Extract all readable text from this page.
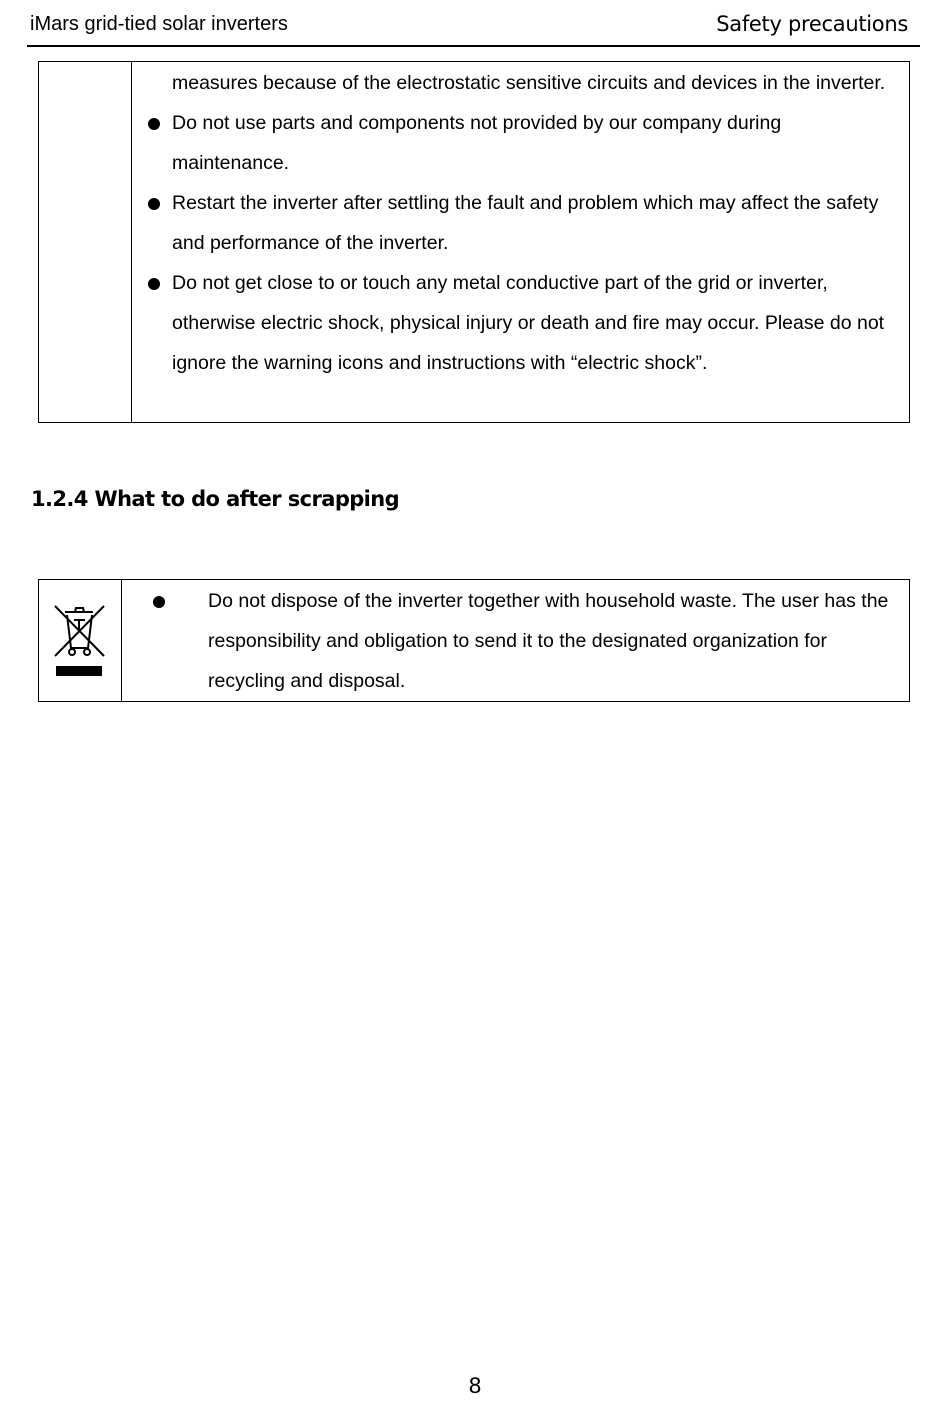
iMars grid-tied solar inverters	Safety precautions

measures because of the electrostatic sensitive circuits and devices in the inverter.

Do not use parts and components not provided by our company during maintenance.
Restart the inverter after settling the fault and problem which may affect the safety and performance of the inverter.
Do not get close to or touch any metal conductive part of the grid or inverter, otherwise electric shock, physical injury or death and fire may occur. Please do not ignore the warning icons and instructions with “electric shock”.
1.2.4 What to do after scrapping

Do not dispose of the inverter together with household waste. The user has the responsibility and obligation to send it to the designated organization for recycling and disposal.
8
